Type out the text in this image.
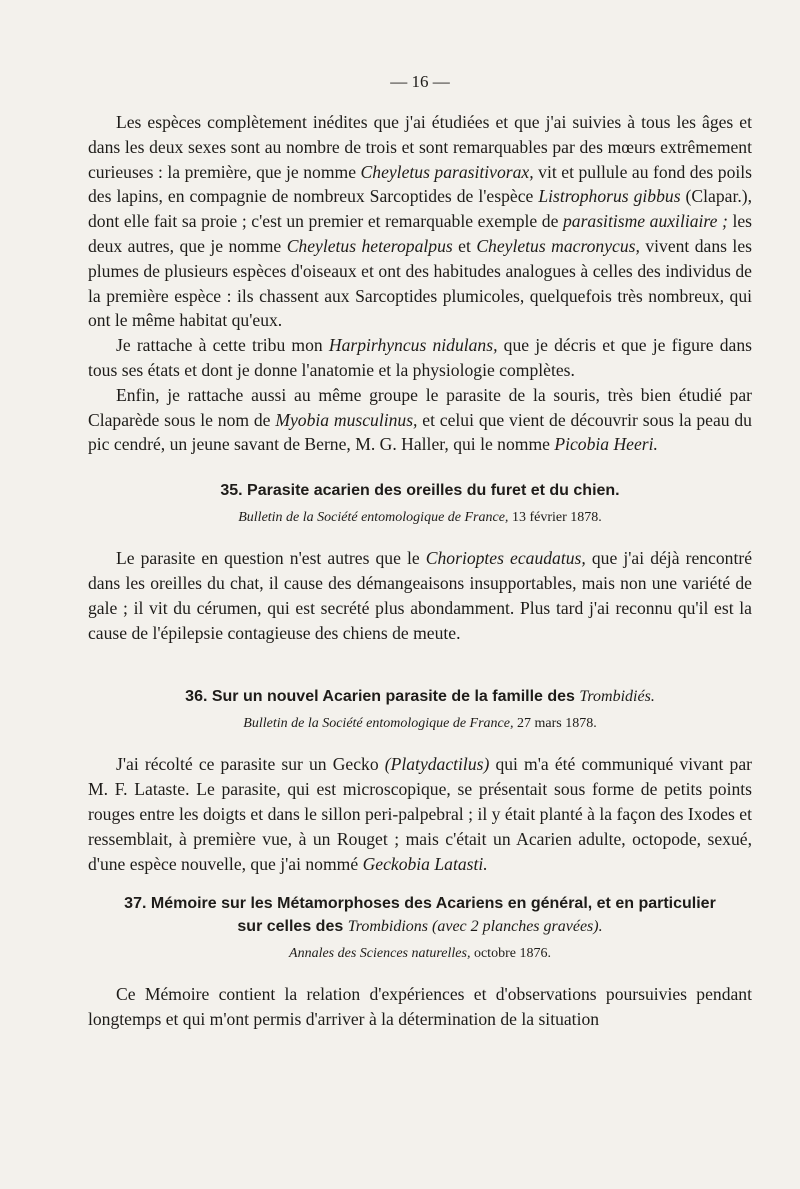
— 16 —

Les espèces complètement inédites que j'ai étudiées et que j'ai suivies à tous les âges et dans les deux sexes sont au nombre de trois et sont remarquables par des mœurs extrêmement curieuses : la première, que je nomme Cheyletus parasitivorax, vit et pullule au fond des poils des lapins, en compagnie de nombreux Sarcoptides de l'espèce Listrophorus gibbus (Clapar.), dont elle fait sa proie ; c'est un premier et remarquable exemple de parasitisme auxiliaire ; les deux autres, que je nomme Cheyletus heteropalpus et Cheyletus macronycus, vivent dans les plumes de plusieurs espèces d'oiseaux et ont des habitudes analogues à celles des individus de la première espèce : ils chassent aux Sarcoptides plumicoles, quelquefois très nombreux, qui ont le même habitat qu'eux.

Je rattache à cette tribu mon Harpirhyncus nidulans, que je décris et que je figure dans tous ses états et dont je donne l'anatomie et la physiologie complètes.

Enfin, je rattache aussi au même groupe le parasite de la souris, très bien étudié par Claparède sous le nom de Myobia musculinus, et celui que vient de découvrir sous la peau du pic cendré, un jeune savant de Berne, M. G. Haller, qui le nomme Picobia Heeri.

35. Parasite acarien des oreilles du furet et du chien.
Bulletin de la Société entomologique de France, 13 février 1878.

Le parasite en question n'est autres que le Chorioptes ecaudatus, que j'ai déjà rencontré dans les oreilles du chat, il cause des démangeaisons insupportables, mais non une variété de gale ; il vit du cérumen, qui est secrété plus abondamment. Plus tard j'ai reconnu qu'il est la cause de l'épilepsie contagieuse des chiens de meute.

36. Sur un nouvel Acarien parasite de la famille des Trombidiés.
Bulletin de la Société entomologique de France, 27 mars 1878.

J'ai récolté ce parasite sur un Gecko (Platydactilus) qui m'a été communiqué vivant par M. F. Lataste. Le parasite, qui est microscopique, se présentait sous forme de petits points rouges entre les doigts et dans le sillon peri-palpebral ; il y était planté à la façon des Ixodes et ressemblait, à première vue, à un Rouget ; mais c'était un Acarien adulte, octopode, sexué, d'une espèce nouvelle, que j'ai nommé Geckobia Latasti.

37. Mémoire sur les Métamorphoses des Acariens en général, et en particulier
sur celles des Trombidions (avec 2 planches gravées).
Annales des Sciences naturelles, octobre 1876.

Ce Mémoire contient la relation d'expériences et d'observations poursuivies pendant longtemps et qui m'ont permis d'arriver à la détermination de la situation
